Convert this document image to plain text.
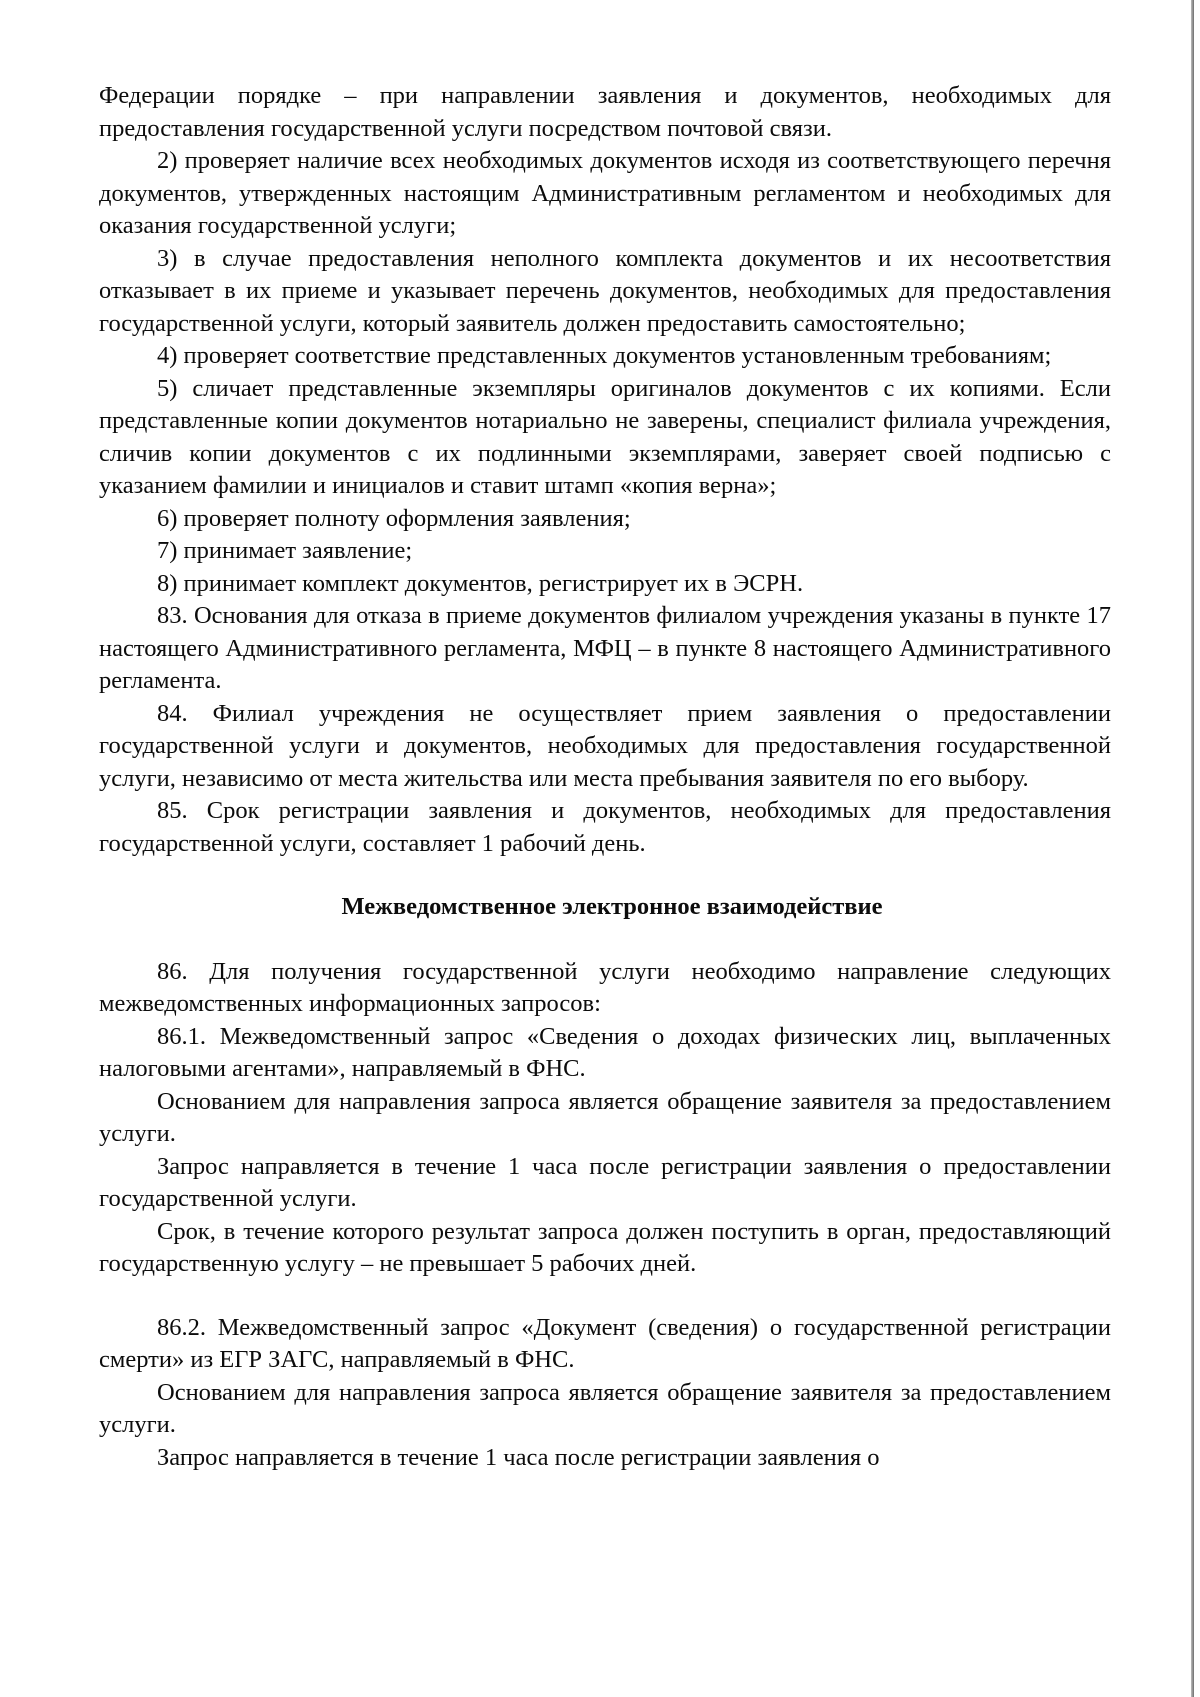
Федерации порядке – при направлении заявления и документов, необходимых для предоставления государственной услуги посредством почтовой связи.

2) проверяет наличие всех необходимых документов исходя из соответствующего перечня документов, утвержденных настоящим Административным регламентом и необходимых для оказания государственной услуги;

3) в случае предоставления неполного комплекта документов и их несоответствия отказывает в их приеме и указывает перечень документов, необходимых для предоставления государственной услуги, который заявитель должен предоставить самостоятельно;

4) проверяет соответствие представленных документов установленным требованиям;

5) сличает представленные экземпляры оригиналов документов с их копиями. Если представленные копии документов нотариально не заверены, специалист филиала учреждения, сличив копии документов с их подлинными экземплярами, заверяет своей подписью с указанием фамилии и инициалов и ставит штамп «копия верна»;

6) проверяет полноту оформления заявления;

7) принимает заявление;

8) принимает комплект документов, регистрирует их в ЭСРН.

83. Основания для отказа в приеме документов филиалом учреждения указаны в пункте 17 настоящего Административного регламента, МФЦ – в пункте 8 настоящего Административного регламента.

84. Филиал учреждения не осуществляет прием заявления о предоставлении государственной услуги и документов, необходимых для предоставления государственной услуги, независимо от места жительства или места пребывания заявителя по его выбору.

85. Срок регистрации заявления и документов, необходимых для предоставления государственной услуги, составляет 1 рабочий день.

Межведомственное электронное взаимодействие

86. Для получения государственной услуги необходимо направление следующих межведомственных информационных запросов:

86.1. Межведомственный запрос «Сведения о доходах физических лиц, выплаченных налоговыми агентами», направляемый в ФНС.

Основанием для направления запроса является обращение заявителя за предоставлением услуги.

Запрос направляется в течение 1 часа после регистрации заявления о предоставлении государственной услуги.

Срок, в течение которого результат запроса должен поступить в орган, предоставляющий государственную услугу – не превышает 5 рабочих дней.

86.2. Межведомственный запрос «Документ (сведения) о государственной регистрации смерти» из ЕГР ЗАГС, направляемый в ФНС.

Основанием для направления запроса является обращение заявителя за предоставлением услуги.

Запрос направляется в течение 1 часа после регистрации заявления о
